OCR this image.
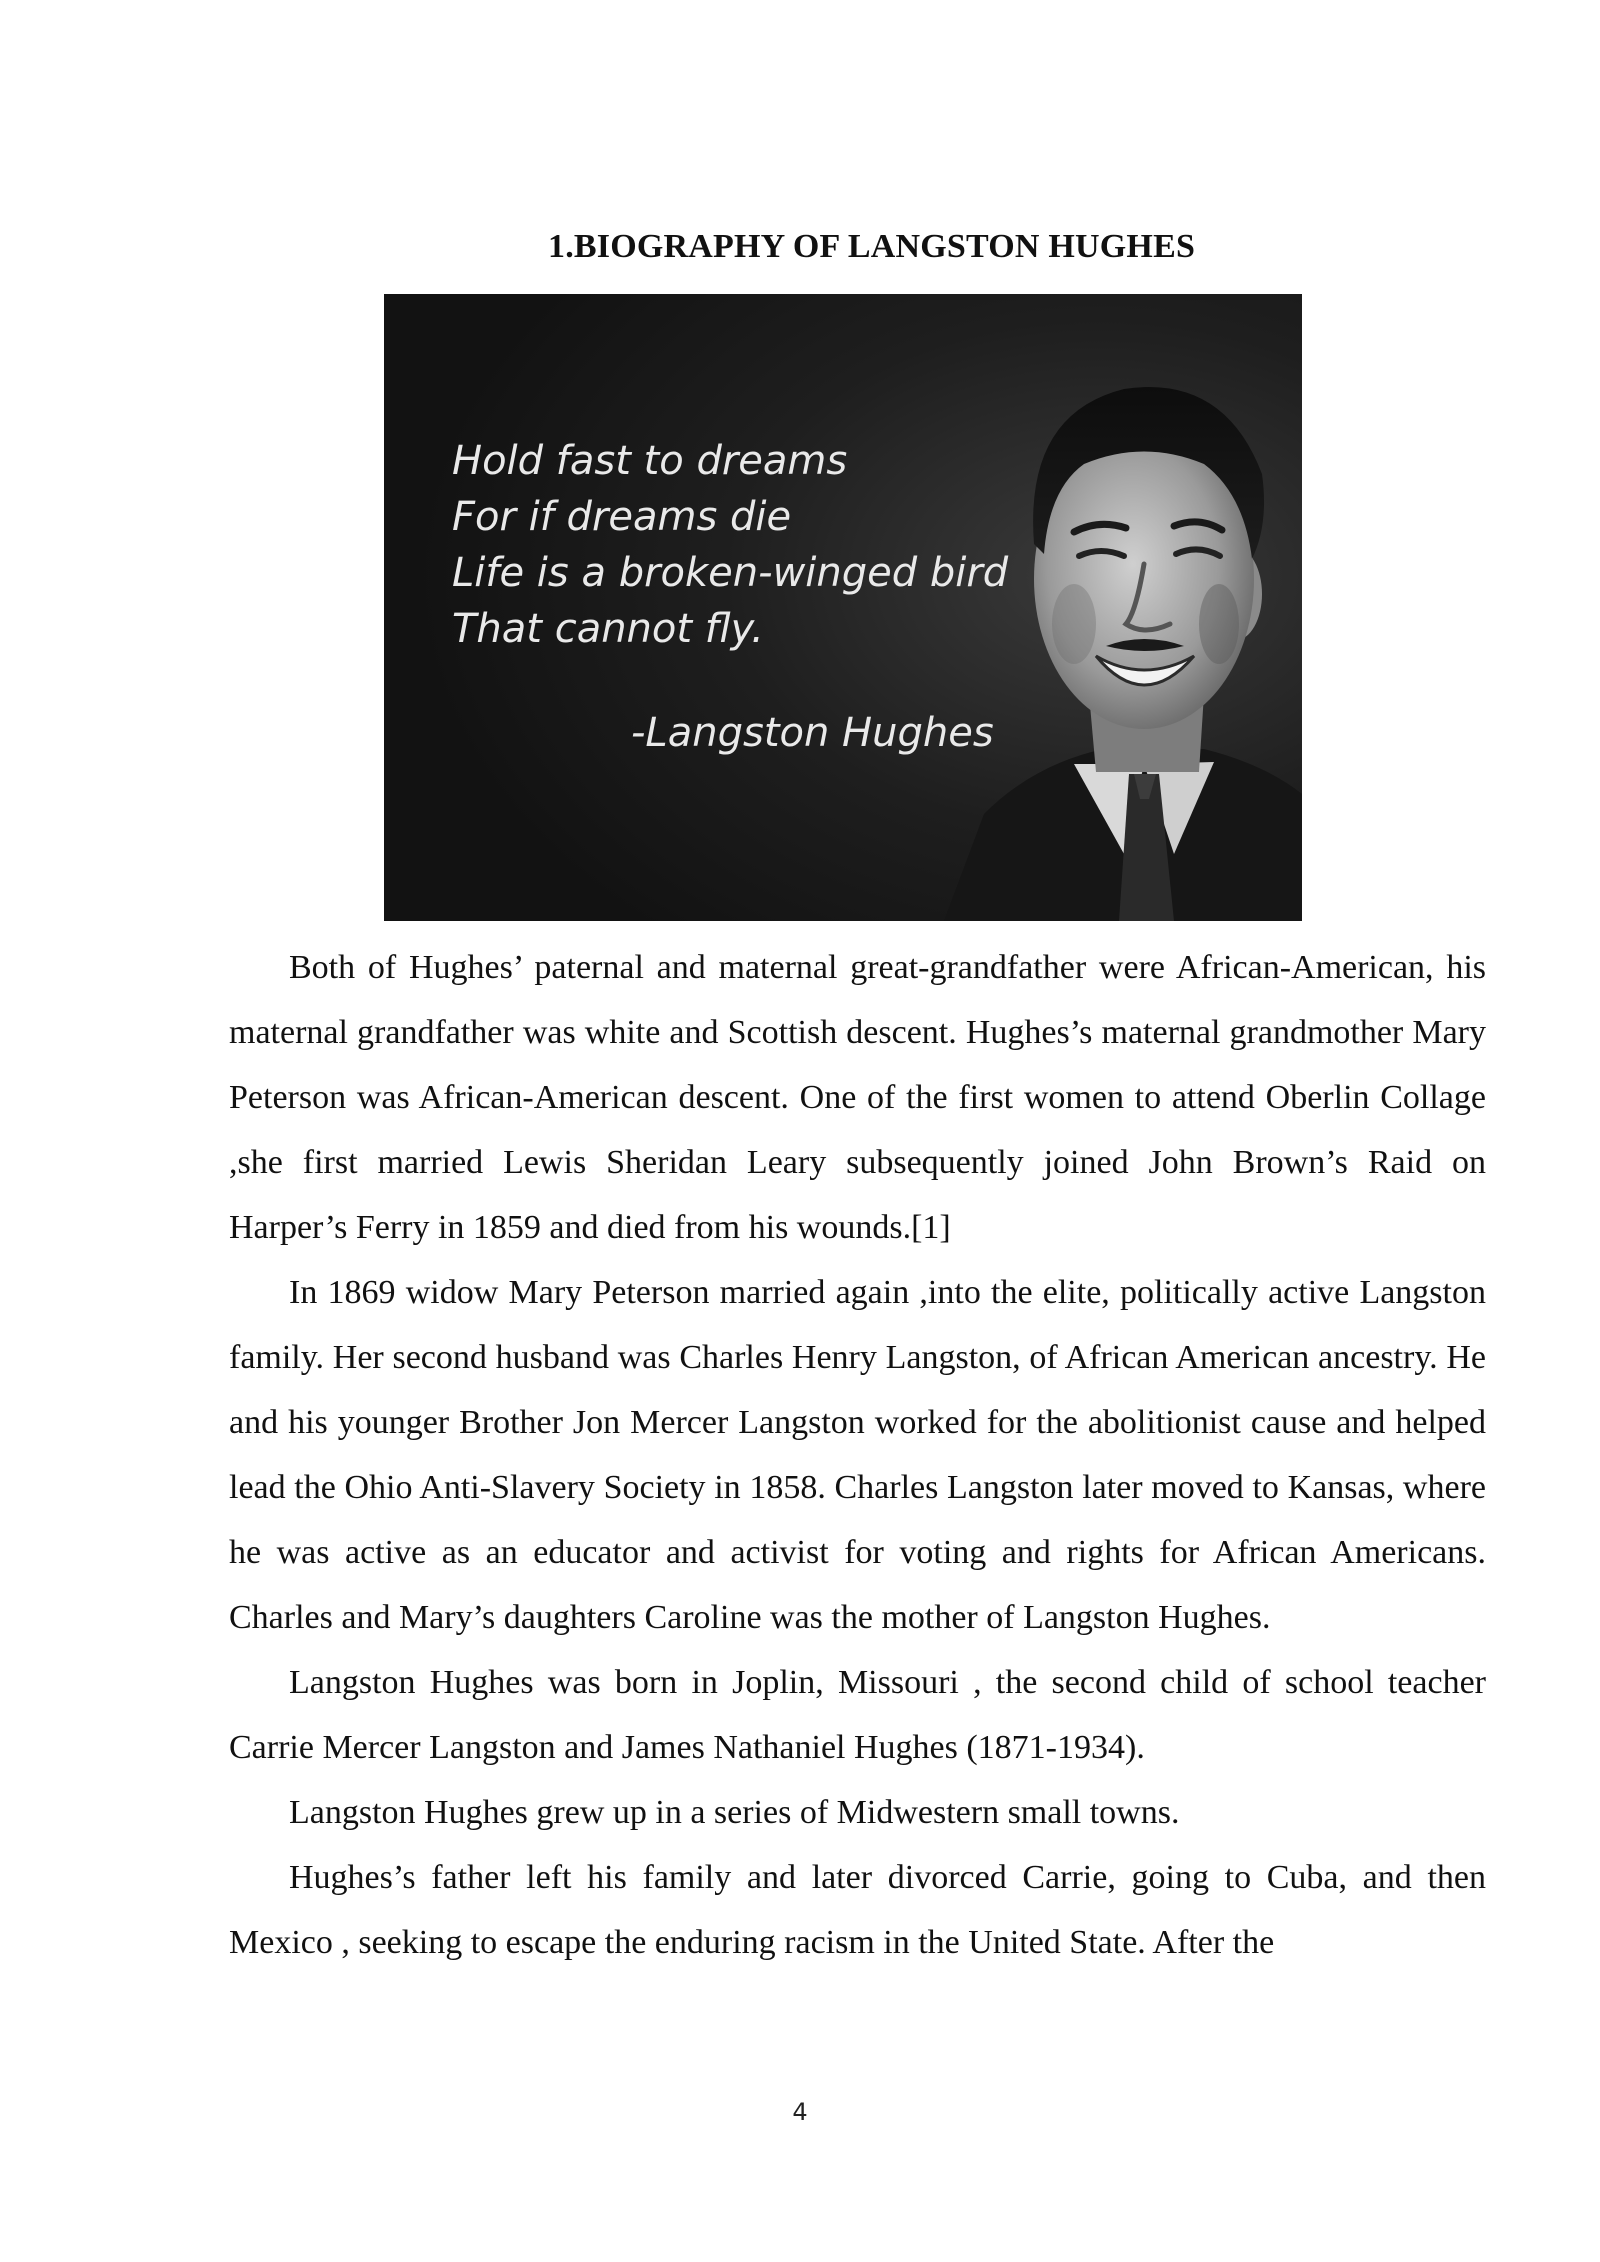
1.BIOGRAPHY OF LANGSTON HUGHES
Hold fast to dreams
For if dreams die
Life is a broken-winged bird
That cannot fly.
-Langston Hughes

Both of Hughes’ paternal and maternal great-grandfather were African-American, his maternal grandfather was white and Scottish descent. Hughes’s maternal grandmother Mary Peterson was African-American descent. One of the first women to attend Oberlin Collage ,she first married Lewis Sheridan Leary subsequently joined John Brown’s Raid on Harper’s Ferry in 1859 and died from his wounds.[1]

In 1869 widow Mary Peterson married again ,into the elite, politically active Langston family. Her second husband was Charles Henry Langston, of African American ancestry. He and his younger Brother Jon Mercer Langston worked for the abolitionist cause and helped lead the Ohio Anti-Slavery Society in 1858. Charles Langston later moved to Kansas, where he was active as an educator and activist for voting and rights for African Americans. Charles and Mary’s daughters Caroline was the mother of Langston Hughes.

Langston Hughes was born in Joplin, Missouri , the second child of school teacher Carrie Mercer Langston and James Nathaniel Hughes (1871-1934).

Langston Hughes grew up in a series of Midwestern small towns.

Hughes’s father left his family and later divorced Carrie, going to Cuba, and then Mexico , seeking to escape the enduring racism in the United State. After the

4
